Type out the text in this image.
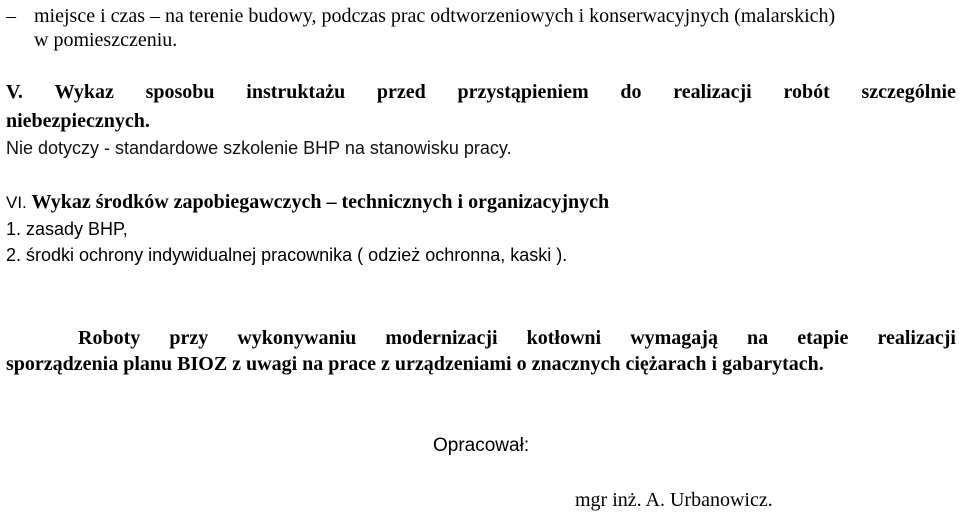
– miejsce i czas – na terenie budowy, podczas prac odtworzeniowych i konserwacyjnych (malarskich)
w pomieszczeniu.
V. Wykaz sposobu instruktażu przed przystąpieniem do realizacji robót szczególnie
niebezpiecznych.
Nie dotyczy - standardowe szkolenie BHP na stanowisku pracy.
VI. Wykaz środków zapobiegawczych – technicznych i organizacyjnych
1. zasady BHP,
2. środki ochrony indywidualnej pracownika ( odzież ochronna, kaski ).
Roboty przy wykonywaniu modernizacji kotłowni wymagają na etapie realizacji
sporządzenia planu BIOZ z uwagi na prace z urządzeniami o znacznych ciężarach i gabarytach.
Opracował:
mgr inż. A. Urbanowicz.
